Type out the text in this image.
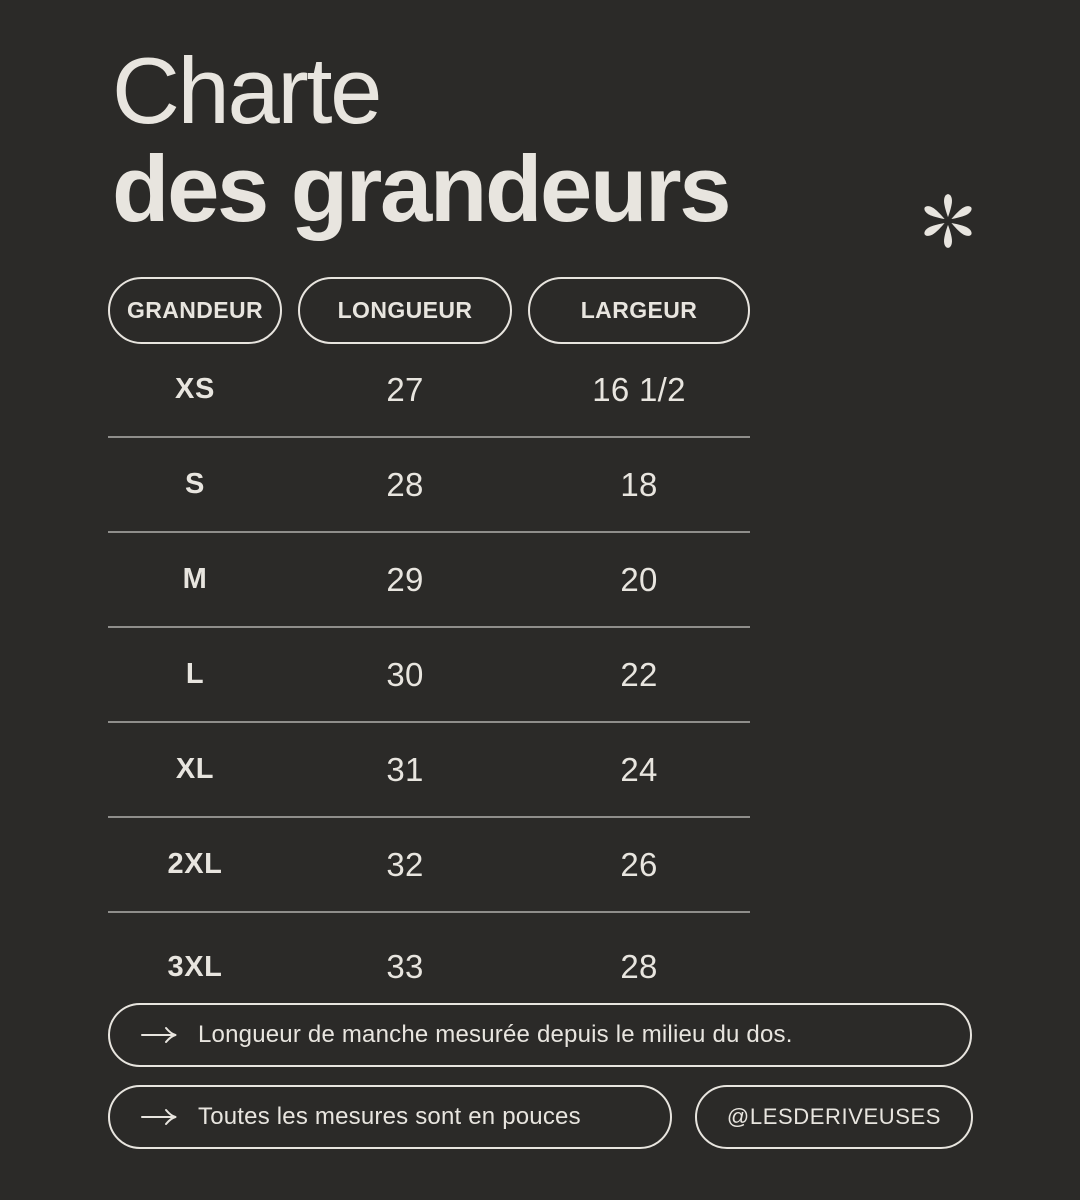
Charte
des grandeurs
GRANDEUR	LONGUEUR	LARGEUR
XS	27	16 1/2
S	28	18
M	29	20
L	30	22
XL	31	24
2XL	32	26
3XL	33	28
Longueur de manche mesurée depuis le milieu du dos.
Toutes les mesures sont en pouces	@LESDERIVEUSES
